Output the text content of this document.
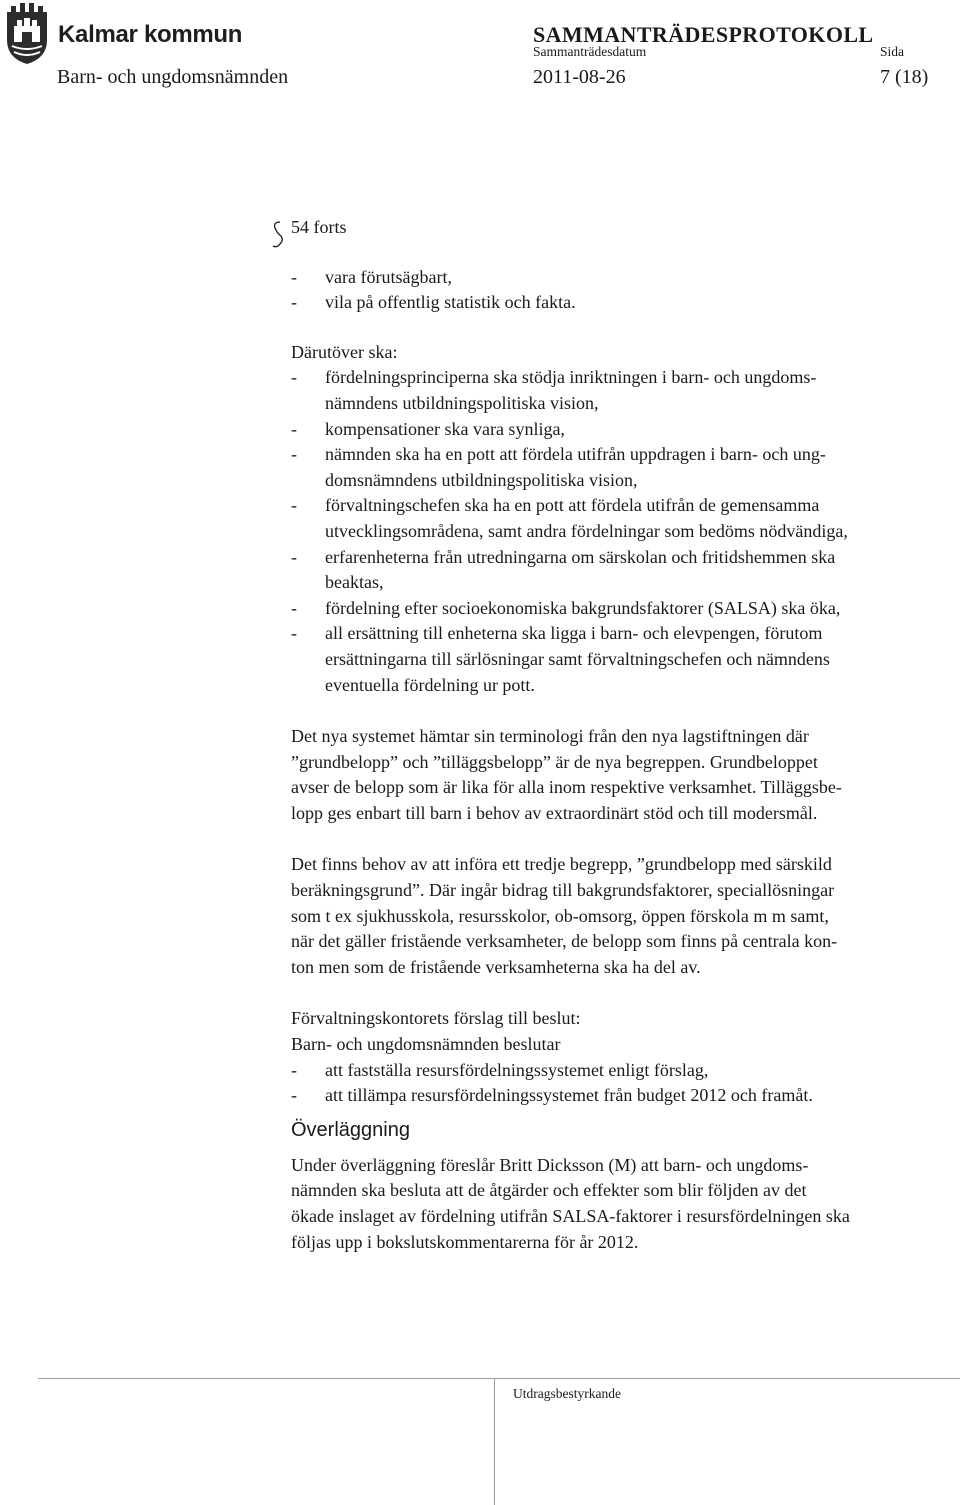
Kalmar kommun	SAMMANTRÄDESPROTOKOLL
Sammanträdesdatum	Sida
Barn- och ungdomsnämnden	2011-08-26	7 (18)
54 forts

- vara förutsägbart,

- vila på offentlig statistik och fakta.

Därutöver ska:

- fördelningsprinciperna ska stödja inriktningen i barn- och ungdoms-

nämndens utbildningspolitiska vision,

- kompensationer ska vara synliga,

- nämnden ska ha en pott att fördela utifrån uppdragen i barn- och ung-

domsnämndens utbildningspolitiska vision,

- förvaltningschefen ska ha en pott att fördela utifrån de gemensamma

utvecklingsområdena, samt andra fördelningar som bedöms nödvändiga,

- erfarenheterna från utredningarna om särskolan och fritidshemmen ska

beaktas,

- fördelning efter socioekonomiska bakgrundsfaktorer (SALSA) ska öka,

- all ersättning till enheterna ska ligga i barn- och elevpengen, förutom

ersättningarna till särlösningar samt förvaltningschefen och nämndens

eventuella fördelning ur pott.

Det nya systemet hämtar sin terminologi från den nya lagstiftningen där

”grundbelopp” och ”tilläggsbelopp” är de nya begreppen. Grundbeloppet

avser de belopp som är lika för alla inom respektive verksamhet. Tilläggsbe-

lopp ges enbart till barn i behov av extraordinärt stöd och till modersmål.

Det finns behov av att införa ett tredje begrepp, ”grundbelopp med särskild

beräkningsgrund”. Där ingår bidrag till bakgrundsfaktorer, speciallösningar

som t ex sjukhusskola, resursskolor, ob-omsorg, öppen förskola m m samt,

när det gäller fristående verksamheter, de belopp som finns på centrala kon-

ton men som de fristående verksamheterna ska ha del av.

Förvaltningskontorets förslag till beslut:

Barn- och ungdomsnämnden beslutar

- att fastställa resursfördelningssystemet enligt förslag,

- att tillämpa resursfördelningssystemet från budget 2012 och framåt.

Överläggning

Under överläggning föreslår Britt Dicksson (M) att barn- och ungdoms-

nämnden ska besluta att de åtgärder och effekter som blir följden av det

ökade inslaget av fördelning utifrån SALSA-faktorer i resursfördelningen ska

följas upp i bokslutskommentarerna för år 2012.

Utdragsbestyrkande
